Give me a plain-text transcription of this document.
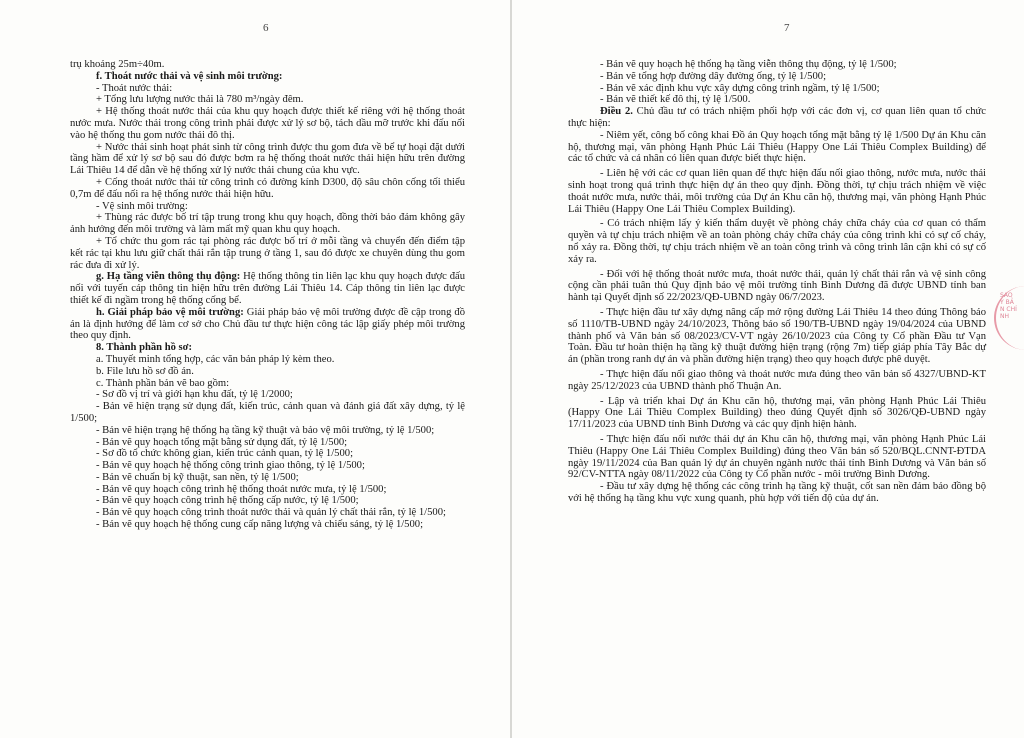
6

trụ khoảng 25m÷40m.

f. Thoát nước thải và vệ sinh môi trường:

- Thoát nước thải:

+ Tổng lưu lượng nước thải là 780 m³/ngày đêm.

+ Hệ thống thoát nước thải của khu quy hoạch được thiết kế riêng với hệ thống thoát nước mưa. Nước thải trong công trình phải được xử lý sơ bộ, tách dầu mỡ trước khi đấu nối vào hệ thống thu gom nước thải đô thị.

+ Nước thải sinh hoạt phát sinh từ công trình được thu gom đưa về bể tự hoại đặt dưới tầng hầm để xử lý sơ bộ sau đó được bơm ra hệ thống thoát nước thải hiện hữu trên đường Lái Thiêu 14 để dẫn về hệ thống xử lý nước thải chung của khu vực.

+ Cống thoát nước thải từ công trình có đường kính D300, độ sâu chôn cống tối thiểu 0,7m để đấu nối ra hệ thống nước thải hiện hữu.

- Vệ sinh môi trường:

+ Thùng rác được bố trí tập trung trong khu quy hoạch, đồng thời bảo đảm không gây ảnh hưởng đến môi trường và làm mất mỹ quan khu quy hoạch.

+ Tổ chức thu gom rác tại phòng rác được bố trí ở mỗi tầng và chuyển đến điểm tập kết rác tại khu lưu giữ chất thải rắn tập trung ở tầng 1, sau đó được xe chuyên dùng thu gom rác đưa đi xử lý.

g. Hạ tầng viễn thông thụ động: Hệ thống thông tin liên lạc khu quy hoạch được đấu nối với tuyến cáp thông tin hiện hữu trên đường Lái Thiêu 14. Cáp thông tin liên lạc được thiết kế đi ngầm trong hệ thống cống bể.

h. Giải pháp bảo vệ môi trường: Giải pháp bảo vệ môi trường được đề cập trong đồ án là định hướng để làm cơ sở cho Chủ đầu tư thực hiện công tác lập giấy phép môi trường theo quy định.

8. Thành phần hồ sơ:

a. Thuyết minh tổng hợp, các văn bản pháp lý kèm theo.

b. File lưu hồ sơ đồ án.

c. Thành phần bản vẽ bao gồm:

- Sơ đồ vị trí và giới hạn khu đất, tỷ lệ 1/2000;

- Bản vẽ hiện trạng sử dụng đất, kiến trúc, cảnh quan và đánh giá đất xây dựng, tỷ lệ 1/500;

- Bản vẽ hiện trạng hệ thống hạ tầng kỹ thuật và bảo vệ môi trường, tỷ lệ 1/500;

- Bản vẽ quy hoạch tổng mặt bằng sử dụng đất, tỷ lệ 1/500;

- Sơ đồ tổ chức không gian, kiến trúc cảnh quan, tỷ lệ 1/500;

- Bản vẽ quy hoạch hệ thống công trình giao thông, tỷ lệ 1/500;

- Bản vẽ chuẩn bị kỹ thuật, san nền, tỷ lệ 1/500;

- Bản vẽ quy hoạch công trình hệ thống thoát nước mưa, tỷ lệ 1/500;

- Bản vẽ quy hoạch công trình hệ thống cấp nước, tỷ lệ 1/500;

- Bản vẽ quy hoạch công trình thoát nước thải và quản lý chất thải rắn, tỷ lệ 1/500;

- Bản vẽ quy hoạch hệ thống cung cấp năng lượng và chiếu sáng, tỷ lệ 1/500;

7

- Bản vẽ quy hoạch hệ thống hạ tầng viễn thông thụ động, tỷ lệ 1/500;

- Bản vẽ tổng hợp đường dây đường ống, tỷ lệ 1/500;

- Bản vẽ xác định khu vực xây dựng công trình ngầm, tỷ lệ 1/500;

- Bản vẽ thiết kế đô thị, tỷ lệ 1/500.

Điều 2. Chủ đầu tư có trách nhiệm phối hợp với các đơn vị, cơ quan liên quan tổ chức thực hiện:

- Niêm yết, công bố công khai Đồ án Quy hoạch tổng mặt bằng tỷ lệ 1/500 Dự án Khu căn hộ, thương mại, văn phòng Hạnh Phúc Lái Thiêu (Happy One Lái Thiêu Complex Building) để các tổ chức và cá nhân có liên quan được biết thực hiện.

- Liên hệ với các cơ quan liên quan để thực hiện đấu nối giao thông, nước mưa, nước thải sinh hoạt trong quá trình thực hiện dự án theo quy định. Đồng thời, tự chịu trách nhiệm về việc thoát nước mưa, nước thải, môi trường của Dự án Khu căn hộ, thương mại, văn phòng Hạnh Phúc Lái Thiêu (Happy One Lái Thiêu Complex Building).

- Có trách nhiệm lấy ý kiến thẩm duyệt về phòng cháy chữa cháy của cơ quan có thẩm quyền và tự chịu trách nhiệm về an toàn phòng cháy chữa cháy của công trình khi có sự cố cháy, nổ xảy ra. Đồng thời, tự chịu trách nhiệm về an toàn công trình và công trình lân cận khi có sự cố xảy ra.

- Đối với hệ thống thoát nước mưa, thoát nước thải, quản lý chất thải rắn và vệ sinh công cộng cần phải tuân thủ Quy định bảo vệ môi trường tỉnh Bình Dương đã được UBND tỉnh ban hành tại Quyết định số 22/2023/QĐ-UBND ngày 06/7/2023.

- Thực hiện đầu tư xây dựng nâng cấp mở rộng đường Lái Thiêu 14 theo đúng Thông báo số 1110/TB-UBND ngày 24/10/2023, Thông báo số 190/TB-UBND ngày 19/04/2024 của UBND thành phố và Văn bản số 08/2023/CV-VT ngày 26/10/2023 của Công ty Cổ phần Đầu tư Vạn Toàn. Đầu tư hoàn thiện hạ tầng kỹ thuật đường hiện trạng (rộng 7m) tiếp giáp phía Tây Bắc dự án (phần trong ranh dự án và phần đường hiện trạng) theo quy hoạch được phê duyệt.

- Thực hiện đấu nối giao thông và thoát nước mưa đúng theo văn bản số 4327/UBND-KT ngày 25/12/2023 của UBND thành phố Thuận An.

- Lập và triển khai Dự án Khu căn hộ, thương mại, văn phòng Hạnh Phúc Lái Thiêu (Happy One Lái Thiêu Complex Building) theo đúng Quyết định số 3026/QĐ-UBND ngày 17/11/2023 của UBND tỉnh Bình Dương và các quy định hiện hành.

- Thực hiện đấu nối nước thải dự án Khu căn hộ, thương mại, văn phòng Hạnh Phúc Lái Thiêu (Happy One Lái Thiêu Complex Building) đúng theo Văn bản số 520/BQL.CNNT-ĐTDA ngày 19/11/2024 của Ban quản lý dự án chuyên ngành nước thải tỉnh Bình Dương và Văn bản số 92/CV-NTTA ngày 08/11/2022 của Công ty Cổ phần nước - môi trường Bình Dương.

- Đầu tư xây dựng hệ thống các công trình hạ tầng kỹ thuật, cốt san nền đảm bảo đồng bộ với hệ thống hạ tầng khu vực xung quanh, phù hợp với tiến độ của dự án.

SAO Y BẢN CHÍNH
